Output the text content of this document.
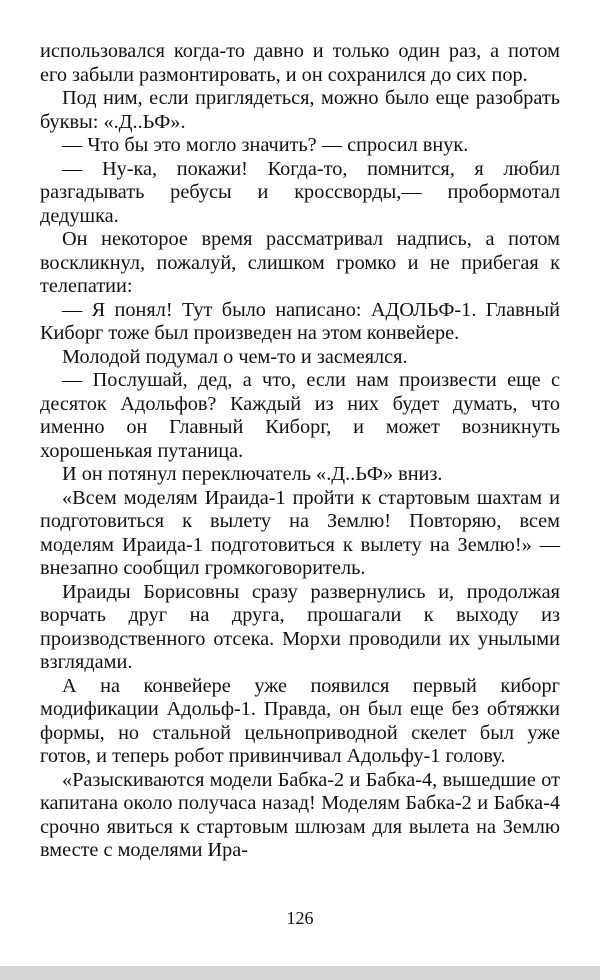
использовался когда-то давно и только один раз, а потом его забыли размонтировать, и он сохранился до сих пор.

Под ним, если приглядеться, можно было еще разобрать буквы: «.Д..ЬФ».

— Что бы это могло значить? — спросил внук.

— Ну-ка, покажи! Когда-то, помнится, я любил разгадывать ребусы и кроссворды,— пробормотал дедушка.

Он некоторое время рассматривал надпись, а потом воскликнул, пожалуй, слишком громко и не прибегая к телепатии:

— Я понял! Тут было написано: АДОЛЬФ-1. Главный Киборг тоже был произведен на этом конвейере.

Молодой подумал о чем-то и засмеялся.

— Послушай, дед, а что, если нам произвести еще с десяток Адольфов? Каждый из них будет думать, что именно он Главный Киборг, и может возникнуть хорошенькая путаница.

И он потянул переключатель «.Д..ЬФ» вниз.

«Всем моделям Ираида-1 пройти к стартовым шахтам и подготовиться к вылету на Землю! Повторяю, всем моделям Ираида-1 подготовиться к вылету на Землю!» — внезапно сообщил громкоговоритель.

Ираиды Борисовны сразу развернулись и, продолжая ворчать друг на друга, прошагали к выходу из производственного отсека. Морхи проводили их унылыми взглядами.

А на конвейере уже появился первый киборг модификации Адольф-1. Правда, он был еще без обтяжки формы, но стальной цельноприводной скелет был уже готов, и теперь робот привинчивал Адольфу-1 голову.

«Разыскиваются модели Бабка-2 и Бабка-4, вышедшие от капитана около получаса назад! Моделям Бабка-2 и Бабка-4 срочно явиться к стартовым шлюзам для вылета на Землю вместе с моделями Ира-

126
